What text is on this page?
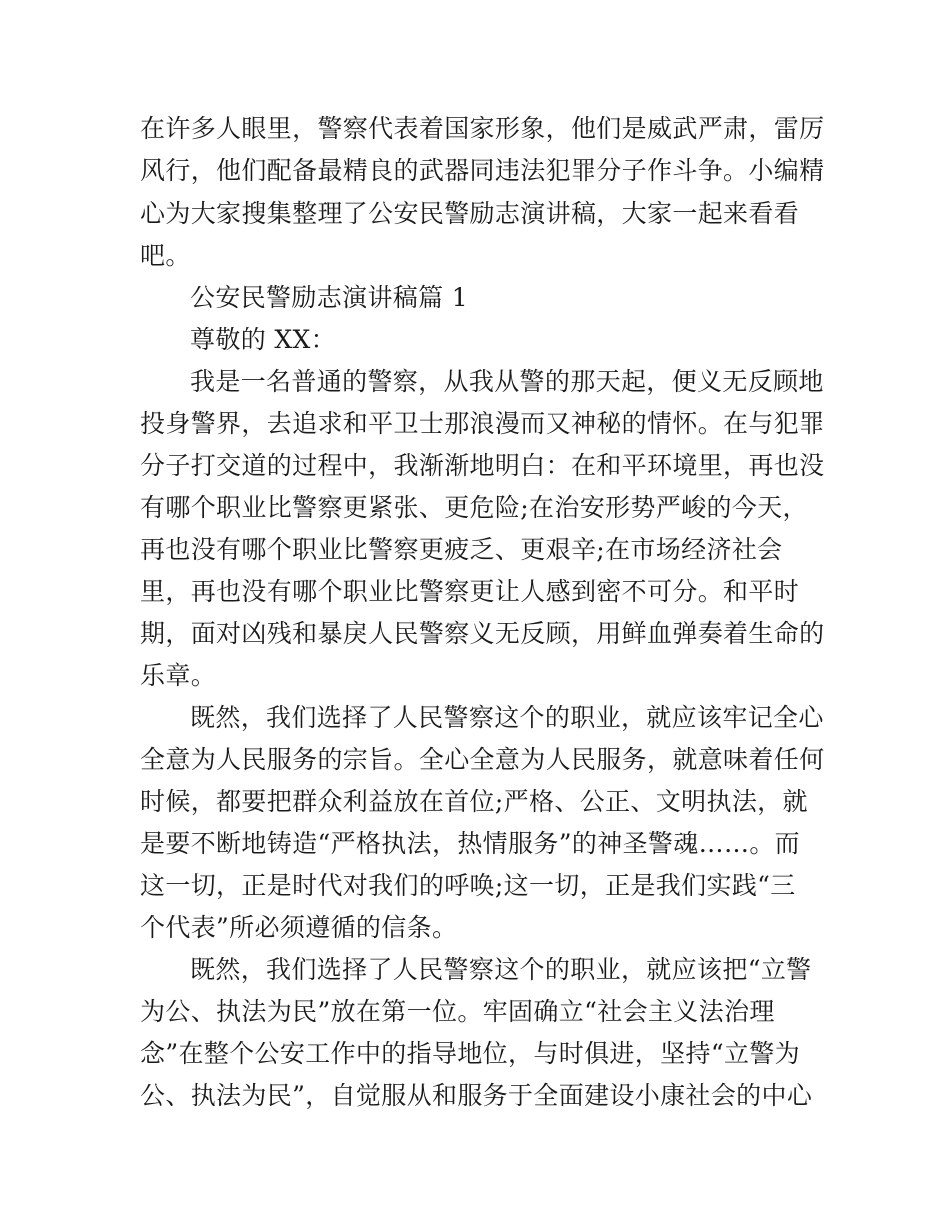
在许多人眼里，警察代表着国家形象，他们是威武严肃，雷厉
风行，他们配备最精良的武器同违法犯罪分子作斗争。小编精
心为大家搜集整理了公安民警励志演讲稿，大家一起来看看
吧。
公安民警励志演讲稿篇 1
尊敬的 XX：
我是一名普通的警察，从我从警的那天起，便义无反顾地
投身警界，去追求和平卫士那浪漫而又神秘的情怀。在与犯罪
分子打交道的过程中，我渐渐地明白：在和平环境里，再也没
有哪个职业比警察更紧张、更危险;在治安形势严峻的今天，
再也没有哪个职业比警察更疲乏、更艰辛;在市场经济社会
里，再也没有哪个职业比警察更让人感到密不可分。和平时
期，面对凶残和暴戾人民警察义无反顾，用鲜血弹奏着生命的
乐章。
既然，我们选择了人民警察这个的职业，就应该牢记全心
全意为人民服务的宗旨。全心全意为人民服务，就意味着任何
时候，都要把群众利益放在首位;严格、公正、文明执法，就
是要不断地铸造“严格执法，热情服务”的神圣警魂……。而
这一切，正是时代对我们的呼唤;这一切，正是我们实践“三
个代表”所必须遵循的信条。
既然，我们选择了人民警察这个的职业，就应该把“立警
为公、执法为民”放在第一位。牢固确立“社会主义法治理
念”在整个公安工作中的指导地位，与时俱进，坚持“立警为
公、执法为民”，自觉服从和服务于全面建设小康社会的中心
